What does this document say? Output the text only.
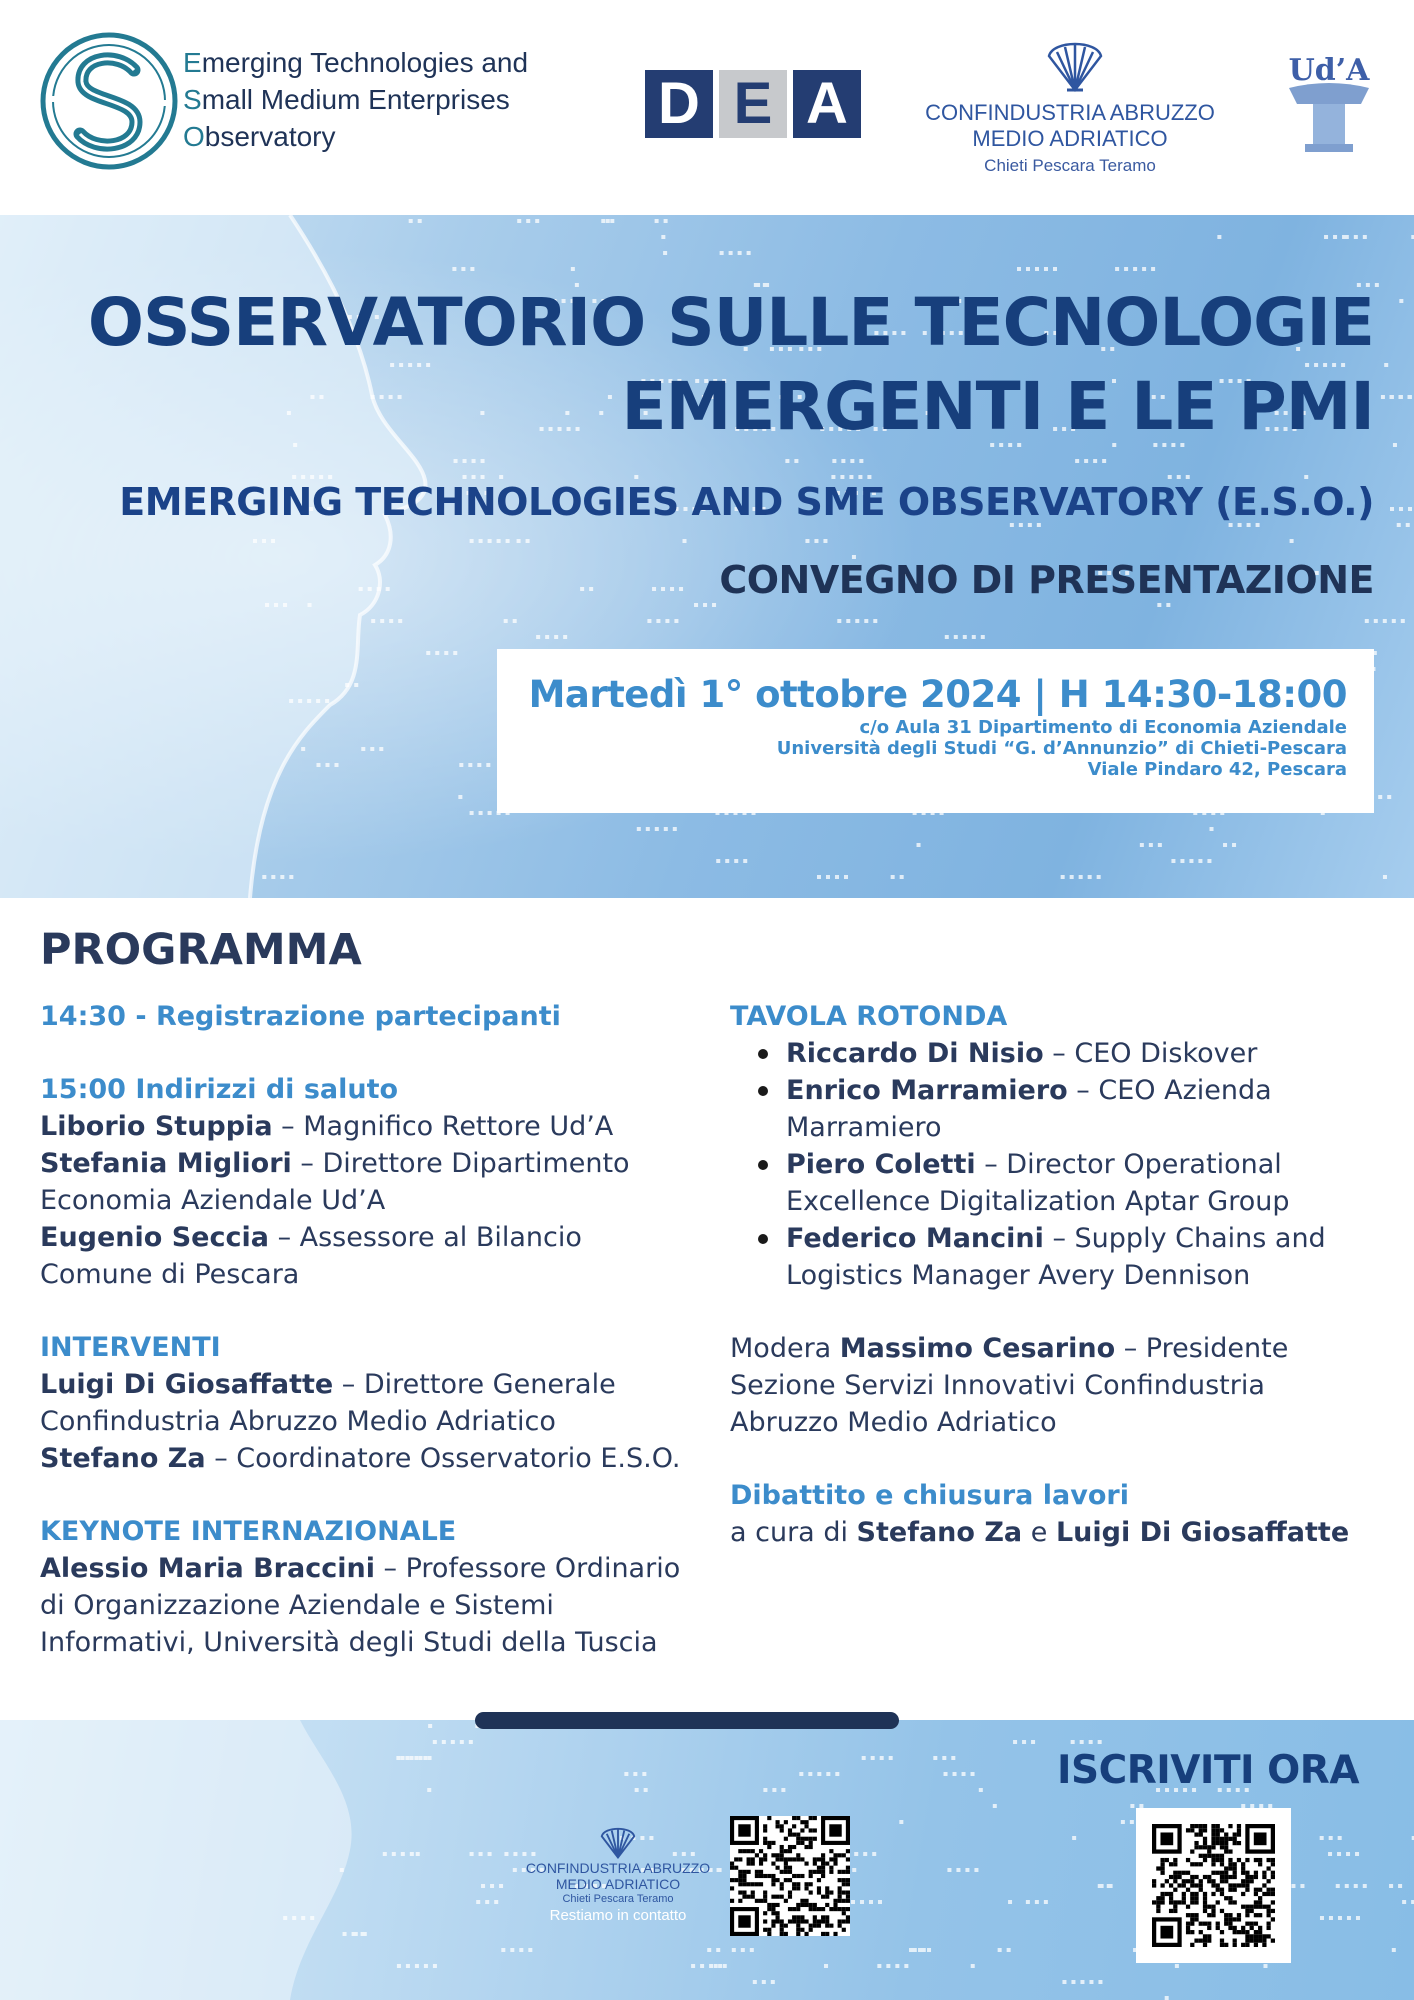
Emerging Technologies and
Small Medium Enterprises
Observatory
D E A	CONFINDUSTRIA ABRUZZO
MEDIO ADRIATICO
Chieti Pescara Teramo
Ud’A
OSSERVATORIO SULLE TECNOLOGIE
EMERGENTI E LE PMI
EMERGING TECHNOLOGIES AND SME OBSERVATORY (E.S.O.)
CONVEGNO DI PRESENTAZIONE
Martedì 1° ottobre 2024 | H 14:30-18:00
c/o Aula 31 Dipartimento di Economia Aziendale
Università degli Studi “G. d’Annunzio” di Chieti-Pescara
Viale Pindaro 42, Pescara
PROGRAMMA
14:30 - Registrazione partecipanti
15:00 Indirizzi di saluto
Liborio Stuppia – Magnifico Rettore Ud’A
Stefania Migliori – Direttore Dipartimento Economia Aziendale Ud’A
Eugenio Seccia – Assessore al Bilancio Comune di Pescara
INTERVENTI
Luigi Di Giosaffatte – Direttore Generale Confindustria Abruzzo Medio Adriatico
Stefano Za – Coordinatore Osservatorio E.S.O.
KEYNOTE INTERNAZIONALE
Alessio Maria Braccini – Professore Ordinario di Organizzazione Aziendale e Sistemi Informativi, Università degli Studi della Tuscia
TAVOLA ROTONDA
Riccardo Di Nisio – CEO Diskover
Enrico Marramiero – CEO Azienda Marramiero
Piero Coletti – Director Operational Excellence Digitalization Aptar Group
Federico Mancini – Supply Chains and Logistics Manager Avery Dennison
Modera Massimo Cesarino – Presidente Sezione Servizi Innovativi Confindustria Abruzzo Medio Adriatico
Dibattito e chiusura lavori
a cura di Stefano Za e Luigi Di Giosaffatte
ISCRIVITI ORA
CONFINDUSTRIA ABRUZZO
MEDIO ADRIATICO
Chieti Pescara Teramo
Restiamo in contatto
